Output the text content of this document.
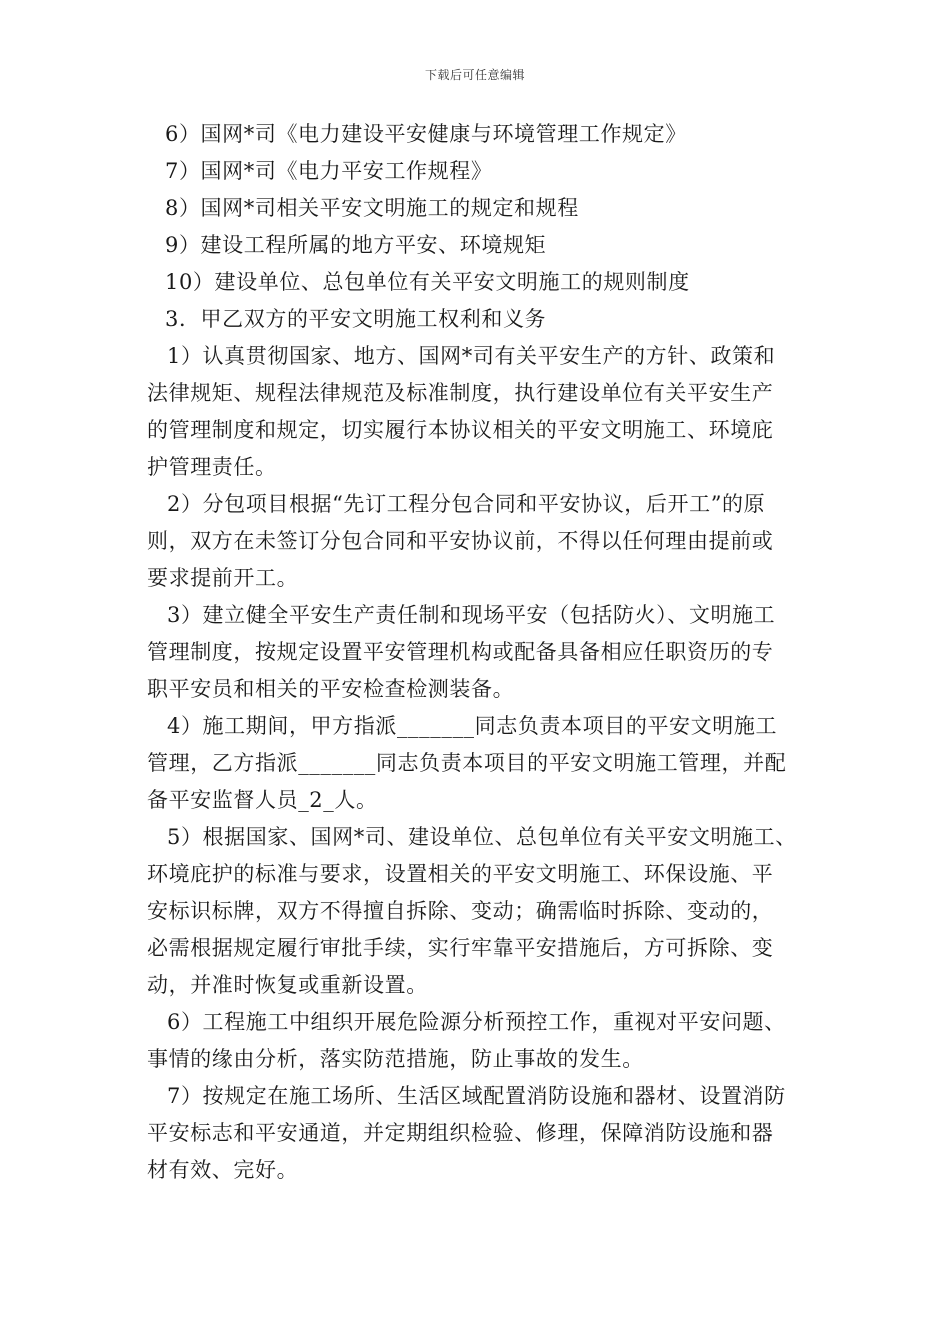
下载后可任意编辑
6）国网*司《电力建设平安健康与环境管理工作规定》
7）国网*司《电力平安工作规程》
8）国网*司相关平安文明施工的规定和规程
9）建设工程所属的地方平安、环境规矩
10）建设单位、总包单位有关平安文明施工的规则制度
3．甲乙双方的平安文明施工权利和义务
1）认真贯彻国家、地方、国网*司有关平安生产的方针、政策和
法律规矩、规程法律规范及标准制度，执行建设单位有关平安生产
的管理制度和规定，切实履行本协议相关的平安文明施工、环境庇
护管理责任。
2）分包项目根据“先订工程分包合同和平安协议，后开工”的原
则，双方在未签订分包合同和平安协议前，不得以任何理由提前或
要求提前开工。
3）建立健全平安生产责任制和现场平安（包括防火）、文明施工
管理制度，按规定设置平安管理机构或配备具备相应任职资历的专
职平安员和相关的平安检查检测装备。
4）施工期间，甲方指派_______同志负责本项目的平安文明施工
管理，乙方指派_______同志负责本项目的平安文明施工管理，并配
备平安监督人员_2_人。
5）根据国家、国网*司、建设单位、总包单位有关平安文明施工、
环境庇护的标准与要求，设置相关的平安文明施工、环保设施、平
安标识标牌，双方不得擅自拆除、变动；确需临时拆除、变动的，
必需根据规定履行审批手续，实行牢靠平安措施后，方可拆除、变
动，并准时恢复或重新设置。
6）工程施工中组织开展危险源分析预控工作，重视对平安问题、
事情的缘由分析，落实防范措施，防止事故的发生。
7）按规定在施工场所、生活区域配置消防设施和器材、设置消防
平安标志和平安通道，并定期组织检验、修理，保障消防设施和器
材有效、完好。
